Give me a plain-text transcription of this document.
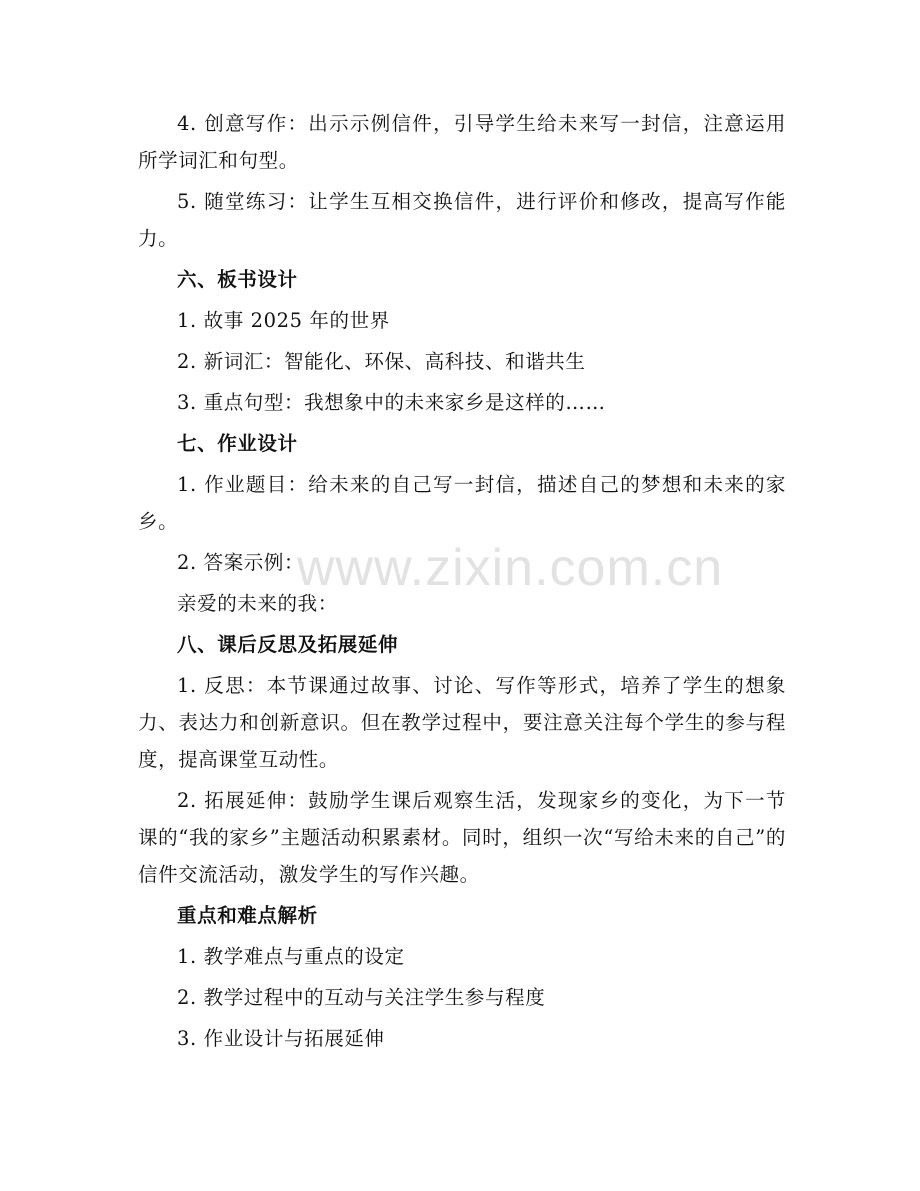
4. 创意写作：出示示例信件，引导学生给未来写一封信，注意运用所学词汇和句型。

5. 随堂练习：让学生互相交换信件，进行评价和修改，提高写作能力。

六、板书设计

1. 故事 2025 年的世界

2. 新词汇：智能化、环保、高科技、和谐共生

3. 重点句型：我想象中的未来家乡是这样的……

七、作业设计

1. 作业题目：给未来的自己写一封信，描述自己的梦想和未来的家乡。

2. 答案示例：

亲爱的未来的我：

八、课后反思及拓展延伸

1. 反思：本节课通过故事、讨论、写作等形式，培养了学生的想象力、表达力和创新意识。但在教学过程中，要注意关注每个学生的参与程度，提高课堂互动性。

2. 拓展延伸：鼓励学生课后观察生活，发现家乡的变化，为下一节课的“我的家乡”主题活动积累素材。同时，组织一次“写给未来的自己”的信件交流活动，激发学生的写作兴趣。

重点和难点解析

1. 教学难点与重点的设定

2. 教学过程中的互动与关注学生参与程度

3. 作业设计与拓展延伸

www.zixin.com.cn
